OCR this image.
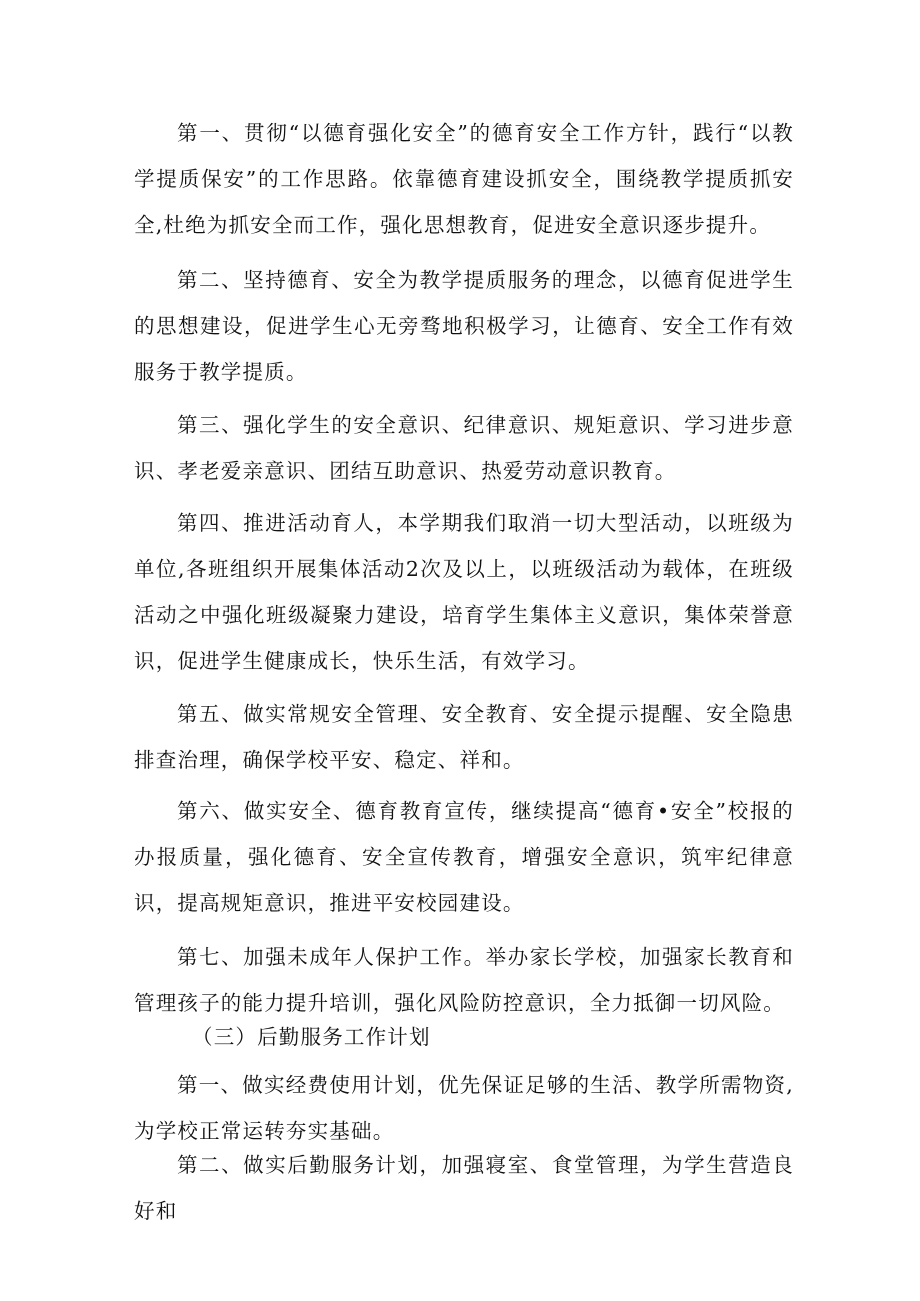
第一、贯彻“以德育强化安全”的德育安全工作方针，践行“以教学提质保安”的工作思路。依靠德育建设抓安全，围绕教学提质抓安全,杜绝为抓安全而工作，强化思想教育，促进安全意识逐步提升。

第二、坚持德育、安全为教学提质服务的理念，以德育促进学生的思想建设，促进学生心无旁骛地积极学习，让德育、安全工作有效服务于教学提质。

第三、强化学生的安全意识、纪律意识、规矩意识、学习进步意识、孝老爱亲意识、团结互助意识、热爱劳动意识教育。

第四、推进活动育人，本学期我们取消一切大型活动，以班级为单位,各班组织开展集体活动2次及以上，以班级活动为载体，在班级活动之中强化班级凝聚力建设，培育学生集体主义意识，集体荣誉意识，促进学生健康成长，快乐生活，有效学习。

第五、做实常规安全管理、安全教育、安全提示提醒、安全隐患排查治理，确保学校平安、稳定、祥和。

第六、做实安全、德育教育宣传，继续提高“德育•安全”校报的办报质量，强化德育、安全宣传教育，增强安全意识，筑牢纪律意识，提高规矩意识，推进平安校园建设。

第七、加强未成年人保护工作。举办家长学校，加强家长教育和管理孩子的能力提升培训，强化风险防控意识，全力抵御一切风险。

（三）后勤服务工作计划

第一、做实经费使用计划，优先保证足够的生活、教学所需物资,为学校正常运转夯实基础。

第二、做实后勤服务计划，加强寝室、食堂管理，为学生营造良好和
